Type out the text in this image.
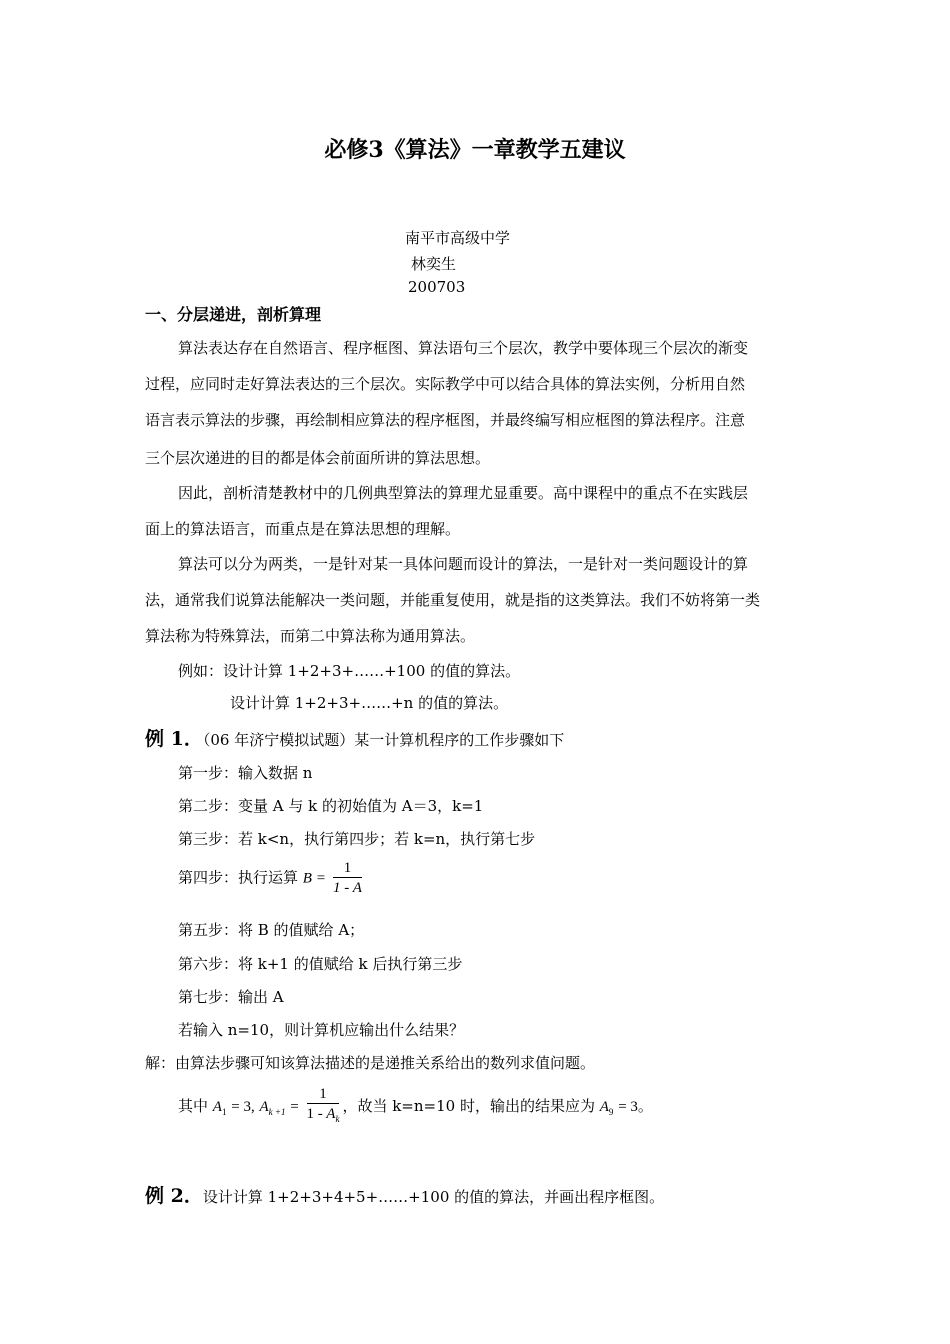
必修3《算法》一章教学五建议
南平市高级中学
林奕生
200703
一、分层递进，剖析算理
算法表达存在自然语言、程序框图、算法语句三个层次，教学中要体现三个层次的渐变
过程，应同时走好算法表达的三个层次。实际教学中可以结合具体的算法实例，分析用自然
语言表示算法的步骤，再绘制相应算法的程序框图，并最终编写相应框图的算法程序。注意
三个层次递进的目的都是体会前面所讲的算法思想。
因此，剖析清楚教材中的几例典型算法的算理尤显重要。高中课程中的重点不在实践层
面上的算法语言，而重点是在算法思想的理解。
算法可以分为两类，一是针对某一具体问题而设计的算法，一是针对一类问题设计的算
法，通常我们说算法能解决一类问题，并能重复使用，就是指的这类算法。我们不妨将第一类
算法称为特殊算法，而第二中算法称为通用算法。
例如：设计计算 1+2+3+……+100 的值的算法。
设计计算 1+2+3+……+n 的值的算法。
例 1．（06 年济宁模拟试题）某一计算机程序的工作步骤如下
第一步：输入数据 n
第二步：变量 A 与 k 的初始值为 A＝3，k=1
第三步：若 k<n，执行第四步；若 k=n，执行第七步
第四步：执行运算 $B = \frac{1}{1 - A}$
第五步：将 B 的值赋给 A；
第六步：将 k+1 的值赋给 k 后执行第三步
第七步：输出 A
若输入 n=10，则计算机应输出什么结果？
解：由算法步骤可知该算法描述的是递推关系给出的数列求值问题。
其中 $A_1 = 3$, $A_{k +1} = \frac{1}{1 - A_k}$ ，故当 k=n=10 时，输出的结果应为 $A_9 = 3$。
例 2．设计计算 1+2+3+4+5+……+100 的值的算法，并画出程序框图。
